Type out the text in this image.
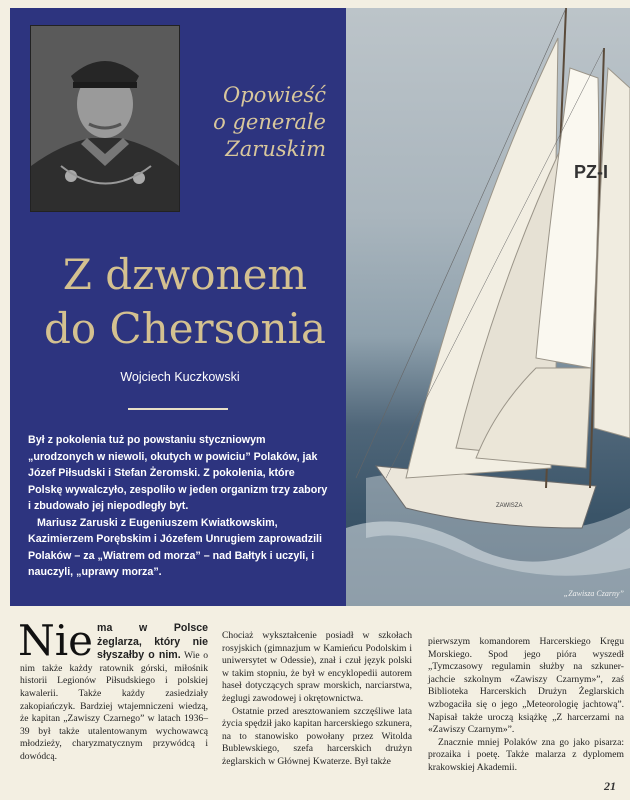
ZAWISZA
PZ-I
„Zawisza Czarny”
Opowieść
o generale
Zaruskim
Z dzwonem
do Chersonia
Wojciech Kuczkowski

Był z pokolenia tuż po powstaniu styczniowym „urodzonych w niewoli, okutych w powiciu” Polaków, jak Józef Piłsudski i Stefan Żeromski. Z pokolenia, które Polskę wywalczyło, zespoliło w jeden organizm trzy zabory i zbudowało jej niepodległy byt.

Mariusz Zaruski z Eugeniuszem Kwiatkowskim, Kazimierzem Porębskim i Józefem Unrugiem zaprowadzili Polaków – za „Wiatrem od morza” – nad Bałtyk i uczyli, i nauczyli, „uprawy morza”.

Nie ma w Polsce żeglarza, który nie słyszałby o nim. Wie o nim także każdy ratownik górski, miłośnik historii Legionów Piłsudskiego i polskiej kawalerii. Także każdy zasiedziały zakopiańczyk. Bardziej wtajemniczeni wiedzą, że kapitan „Zawiszy Czarnego” w latach 1936–39 był także utalentowanym wychowawcą młodzieży, charyzmatycznym przywódcą i dowódcą.
Chociaż wykształcenie posiadł w szkołach rosyjskich (gimnazjum w Kamieńcu Podolskim i uniwersytet w Odessie), znał i czuł język polski w takim stopniu, że był w encyklopedii autorem haseł dotyczących spraw morskich, narciarstwa, żeglugi zawodowej i okrętownictwa.
Ostatnie przed aresztowaniem szczęśliwe lata życia spędził jako kapitan harcerskiego szkunera, na to stanowisko powołany przez Witolda Bublewskiego, szefa harcerskich drużyn żeglarskich w Głównej Kwaterze. Był także
pierwszym komandorem Harcerskiego Kręgu Morskiego. Spod jego pióra wyszedł „Tymczasowy regulamin służby na szkuner-jachcie szkolnym «Zawiszy Czarnym»”, zaś Biblioteka Harcerskich Drużyn Żeglarskich wzbogaciła się o jego „Meteorologię jachtową”. Napisał także uroczą książkę „Z harcerzami na «Zawiszy Czarnym»”.
Znacznie mniej Polaków zna go jako pisarza: prozaika i poetę. Także malarza z dyplomem krakowskiej Akademii.
21
